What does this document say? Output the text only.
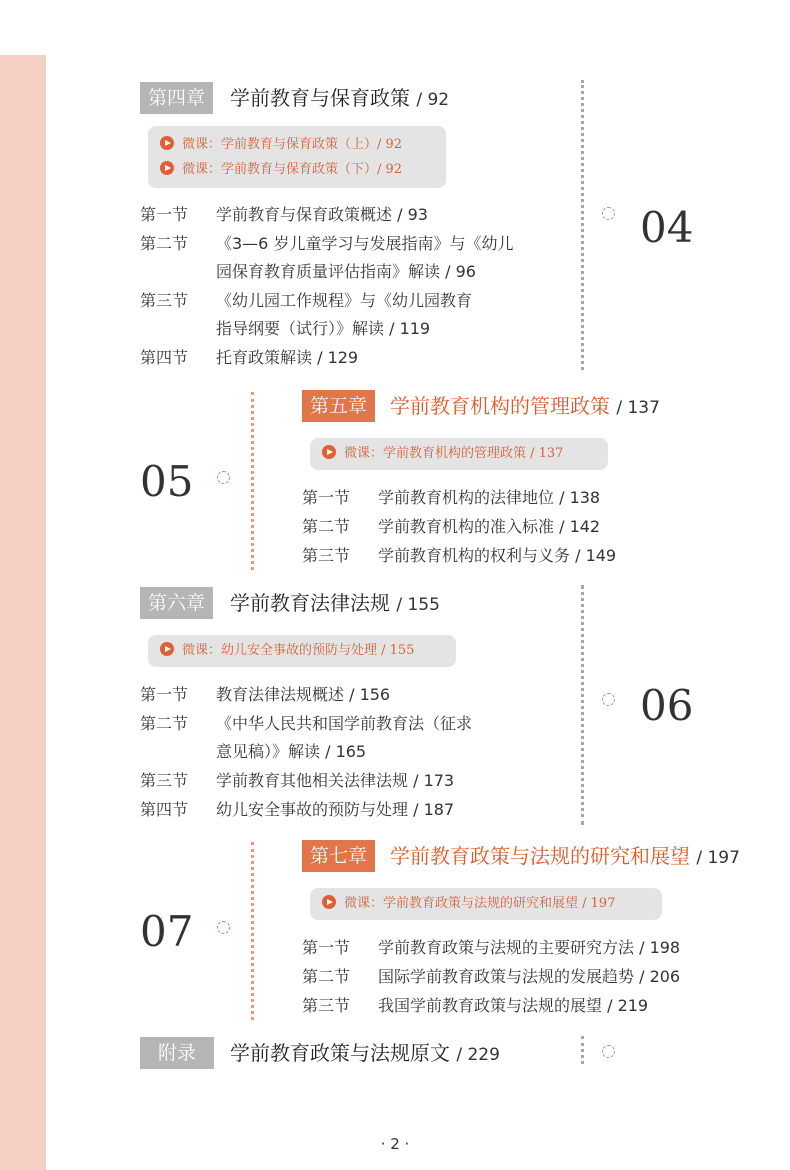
第四章	学前教育与保育政策 / 92
微课：学前教育与保育政策（上）/ 92
微课：学前教育与保育政策（下）/ 92
第一节 学前教育与保育政策概述 / 93
第二节 《3—6 岁儿童学习与发展指南》与《幼儿
园保育教育质量评估指南》解读 / 96
第三节 《幼儿园工作规程》与《幼儿园教育
指导纲要（试行）》解读 / 119
第四节 托育政策解读 / 129
04
第五章	学前教育机构的管理政策 / 137
微课：学前教育机构的管理政策 / 137
第一节 学前教育机构的法律地位 / 138
第二节 学前教育机构的准入标准 / 142
第三节 学前教育机构的权利与义务 / 149
05
第六章	学前教育法律法规 / 155
微课：幼儿安全事故的预防与处理 / 155
第一节 教育法律法规概述 / 156
第二节 《中华人民共和国学前教育法（征求
意见稿）》解读 / 165
第三节 学前教育其他相关法律法规 / 173
第四节 幼儿安全事故的预防与处理 / 187
06
第七章	学前教育政策与法规的研究和展望 / 197
微课：学前教育政策与法规的研究和展望 / 197
第一节 学前教育政策与法规的主要研究方法 / 198
第二节 国际学前教育政策与法规的发展趋势 / 206
第三节 我国学前教育政策与法规的展望 / 219
07
附录	学前教育政策与法规原文 / 229
· 2 ·
